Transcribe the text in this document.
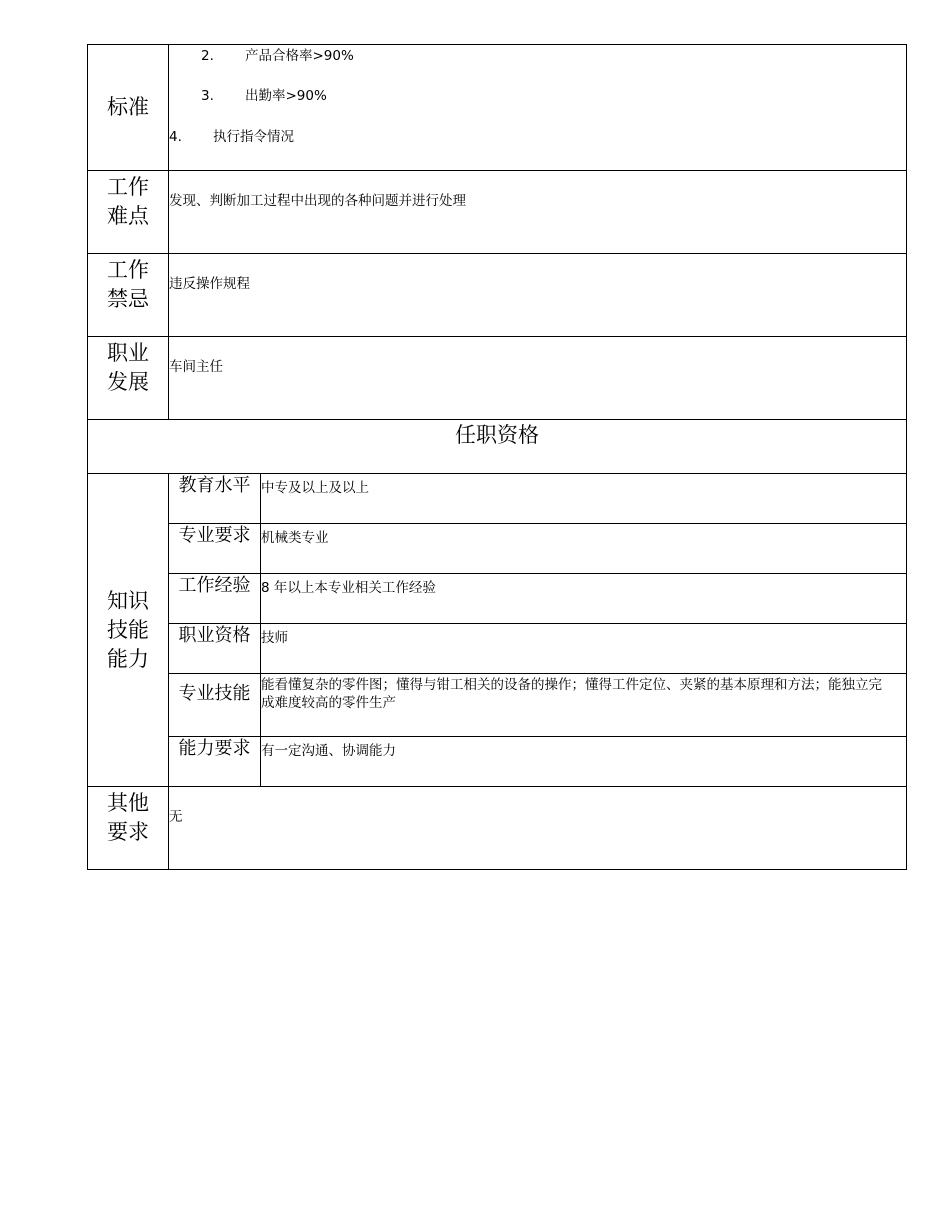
标准	2. 产品合格率>90%
3. 出勤率>90%
4. 执行指令情况	

工作
难点	发现、判断加工过程中出现的各种问题并进行处理	

工作
禁忌	违反操作规程	

职业
发展	车间主任	

任职资格		

知识
技能
能力	教育水平	中专及以上及以上

	专业要求	机械类专业

	工作经验	8 年以上本专业相关工作经验

	职业资格	技师

	专业技能	能看懂复杂的零件图；懂得与钳工相关的设备的操作；懂得工件定位、夹紧的基本原理和方法；能独立完成难度较高的零件生产

	能力要求	有一定沟通、协调能力

其他
要求	无	
